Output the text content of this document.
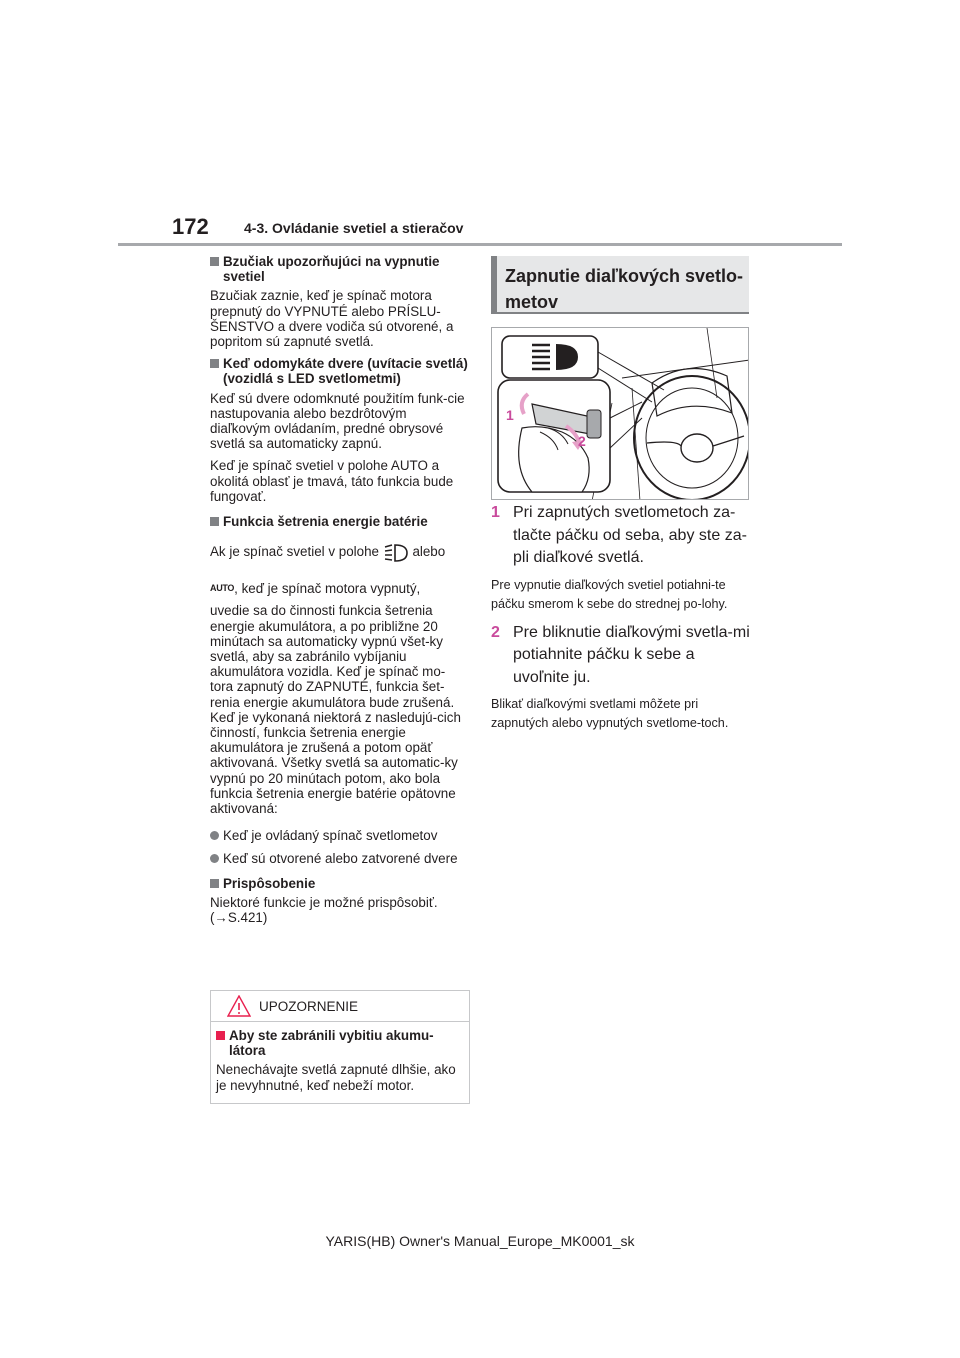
172	4-3. Ovládanie svetiel a stieračov
Bzučiak upozorňujúci na vypnutie svetiel

Bzučiak zaznie, keď je spínač motora prepnutý do VYPNUTÉ alebo PRÍSLU-ŠENSTVO a dvere vodiča sú otvorené, a popritom sú zapnuté svetlá.

Keď odomykáte dvere (uvítacie svetlá) (vozidlá s LED svetlometmi)

Keď sú dvere odomknuté použitím funk-cie nastupovania alebo bezdrôtovým diaľkovým ovládaním, predné obrysové svetlá sa automaticky zapnú.

Keď je spínač svetiel v polohe AUTO a okolitá oblasť je tmavá, táto funkcia bude fungovať.

Funkcia šetrenia energie batérie

Ak je spínač svetiel v polohe alebo

$^{AUTO}$, keď je spínač motora vypnutý,

uvedie sa do činnosti funkcia šetrenia energie akumulátora, a po približne 20 minútach sa automaticky vypnú všet-ky svetlá, aby sa zabránilo vybíjaniu akumulátora vozidla. Keď je spínač mo-tora zapnutý do ZAPNUTÉ, funkcia šet-renia energie akumulátora bude zrušená.

Keď je vykonaná niektorá z nasledujú-cich činností, funkcia šetrenia energie akumulátora je zrušená a potom opäť aktivovaná. Všetky svetlá sa automatic-ky vypnú po 20 minútach potom, ako bola funkcia šetrenia energie batérie opätovne aktivovaná:

Keď je ovládaný spínač svetlometov
Keď sú otvorené alebo zatvorené dvere
Prispôsobenie

Niektoré funkcie je možné prispôsobiť.
(→S.421)

UPOZORNENIE
Aby ste zabránili vybitiu akumu-látora
Nenechávajte svetlá zapnuté dlhšie, ako je nevyhnutné, keď nebeží motor.
Zapnutie diaľkových svetlo-metov
1
2
1 Pri zapnutých svetlometoch za-tlačte páčku od seba, aby ste za-pli diaľkové svetlá.
Pre vypnutie diaľkových svetiel potiahni-te páčku smerom k sebe do strednej po-lohy.
2 Pre bliknutie diaľkovými svetla-mi potiahnite páčku k sebe a uvoľnite ju.
Blikať diaľkovými svetlami môžete pri zapnutých alebo vypnutých svetlome-toch.
YARIS(HB) Owner's Manual_Europe_MK0001_sk
